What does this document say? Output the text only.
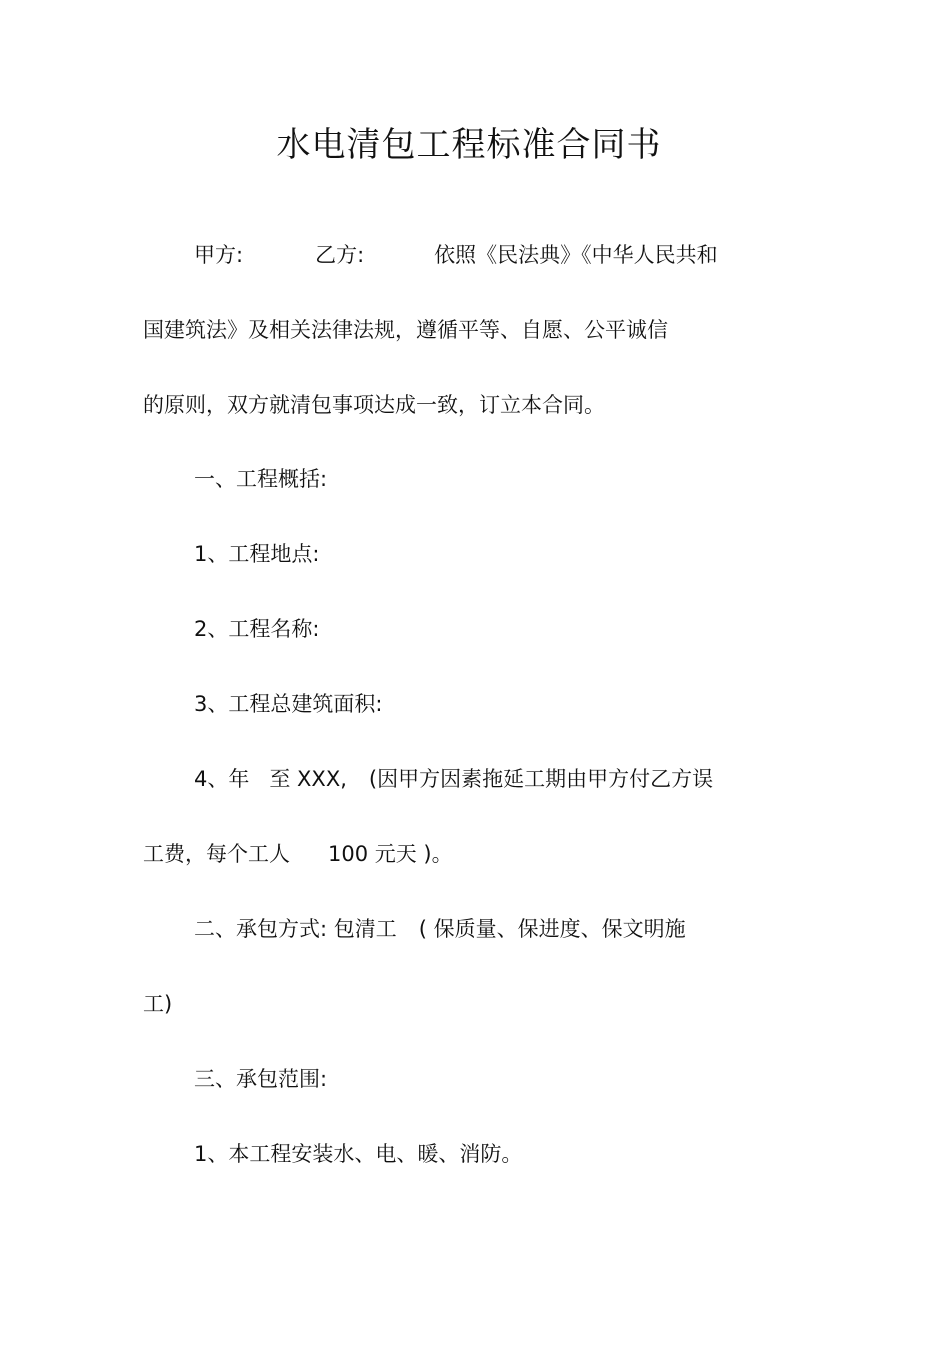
水电清包工程标准合同书
甲方:	乙方:	依照《民法典》《中华人民共和
国建筑法》及相关法律法规，遵循平等、自愿、公平诚信
的原则，双方就清包事项达成一致，订立本合同。
一、工程概括:
1、工程地点:
2、工程名称:
3、工程总建筑面积:
4、年 至 XXX, (因甲方因素拖延工期由甲方付乙方误
工费，每个工人 100 元天 )。
二、承包方式: 包清工 ( 保质量、保进度、保文明施
工)
三、承包范围:
1、本工程安装水、电、暖、消防。
